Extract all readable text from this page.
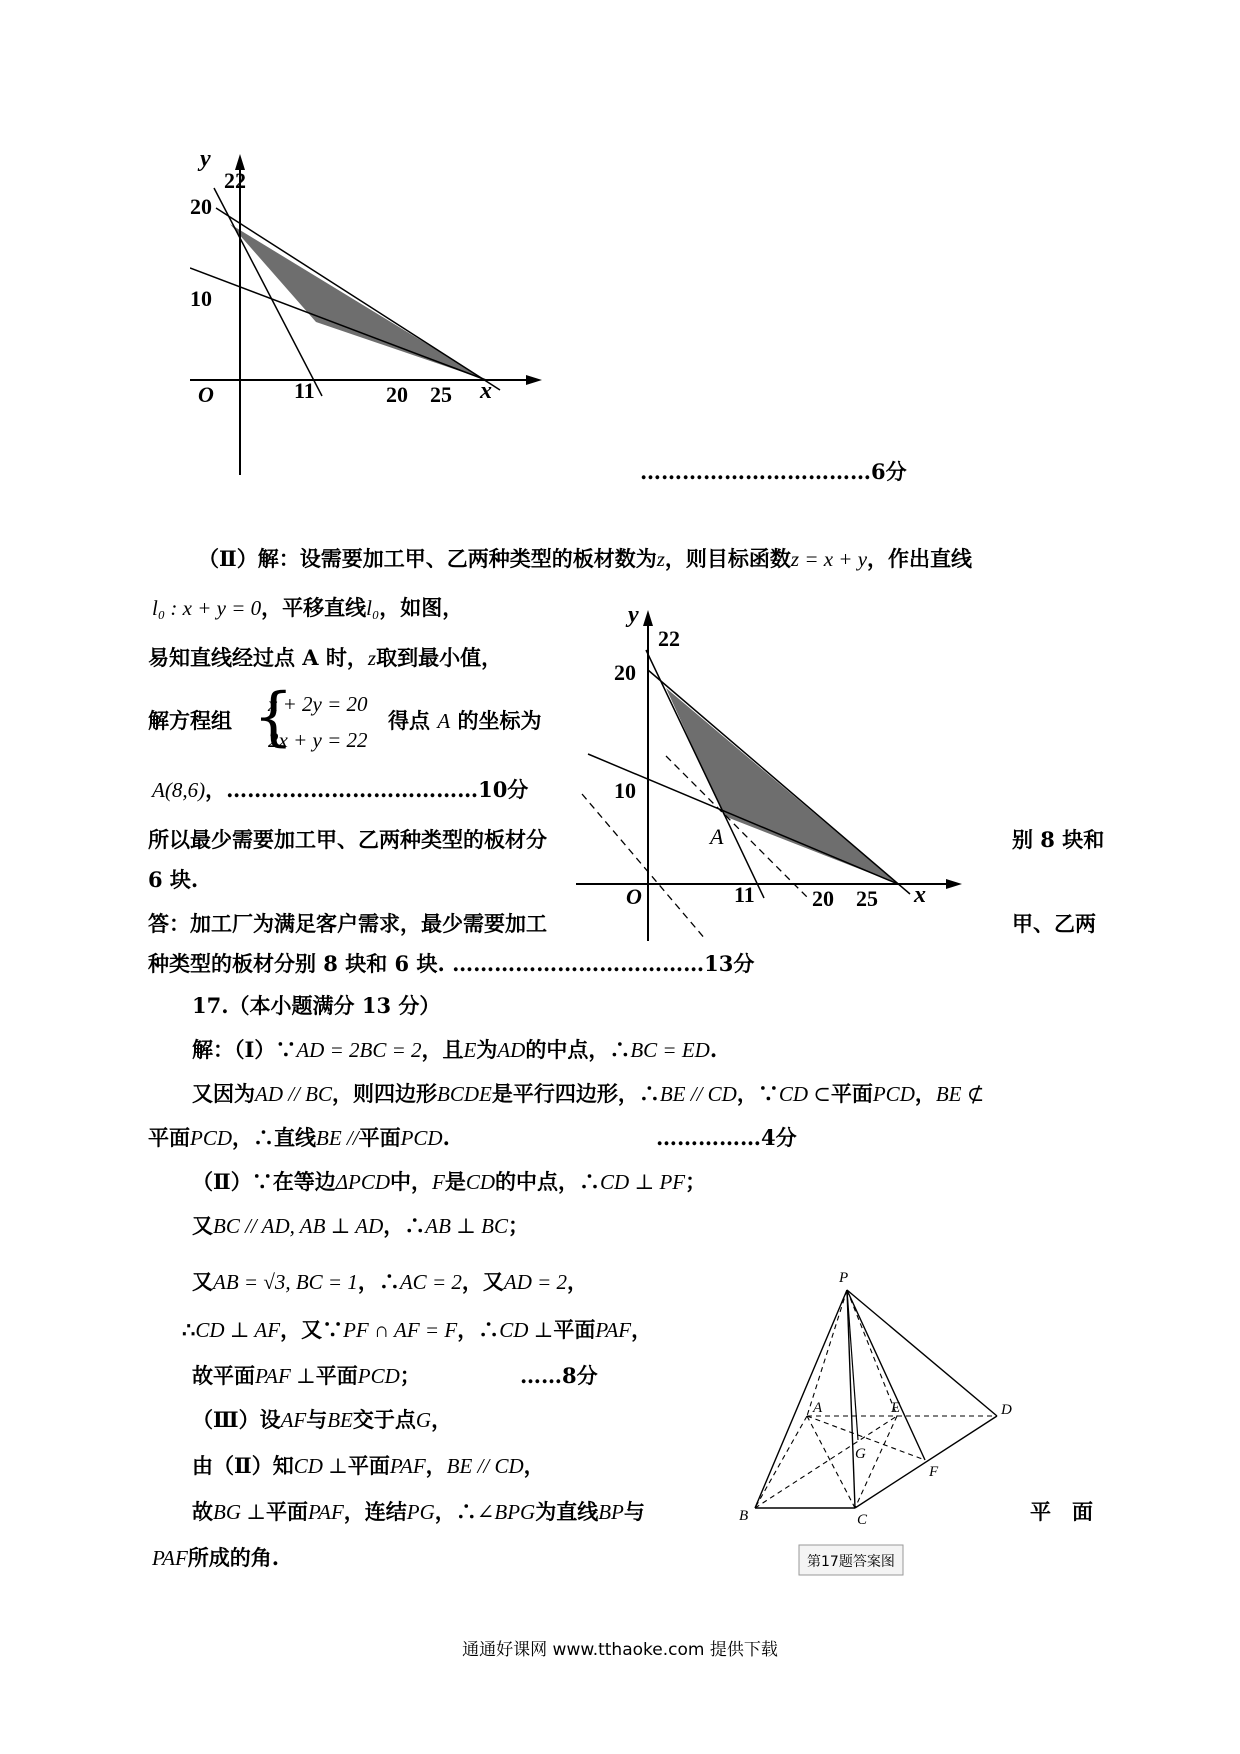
y
22
20
10
O	11	20 25 x
……………………………6分
（Ⅱ）解：设需要加工甲、乙两种类型的板材数为z，则目标函数z = x + y，作出直线
l₀ : x + y = 0，平移直线l₀，如图，
易知直线经过点 A 时，z取到最小值，
解方程组 {
x + 2y = 20
2x + y = 22
得点 A 的坐标为
A(8,6)，………………………………10分
所以最少需要加工甲、乙两种类型的板材分	别 8 块和
6 块.
答：加工厂为满足客户需求，最少需要加工	甲、乙两
种类型的板材分别 8 块和 6 块. ………………………………13分
y
22
20
10
A
O	11	20 25 x
17.（本小题满分 13 分）
解：（Ⅰ）∵AD = 2BC = 2，且E为AD的中点，∴BC = ED.
又因为AD // BC，则四边形BCDE是平行四边形，∴BE // CD，∵CD ⊂平面PCD，BE ⊄
平面PCD，∴直线BE //平面PCD.	……………4分
（Ⅱ）∵在等边ΔPCD中，F是CD的中点，∴CD ⊥ PF；
又BC // AD, AB ⊥ AD，∴AB ⊥ BC；
又AB = √3, BC = 1，∴AC = 2，又AD = 2，
∴CD ⊥ AF，又∵PF ∩ AF = F，∴CD ⊥平面PAF，
故平面PAF ⊥平面PCD；	……8分
（Ⅲ）设AF与BE交于点G，
由（Ⅱ）知CD ⊥平面PAF，BE // CD，
故BG ⊥平面PAF，连结PG，∴∠BPG为直线BP与	平　面
PAF所成的角.
P
A	E	D
G
F
B	C
第17题答案图
通通好课网 www.tthaoke.com 提供下载
